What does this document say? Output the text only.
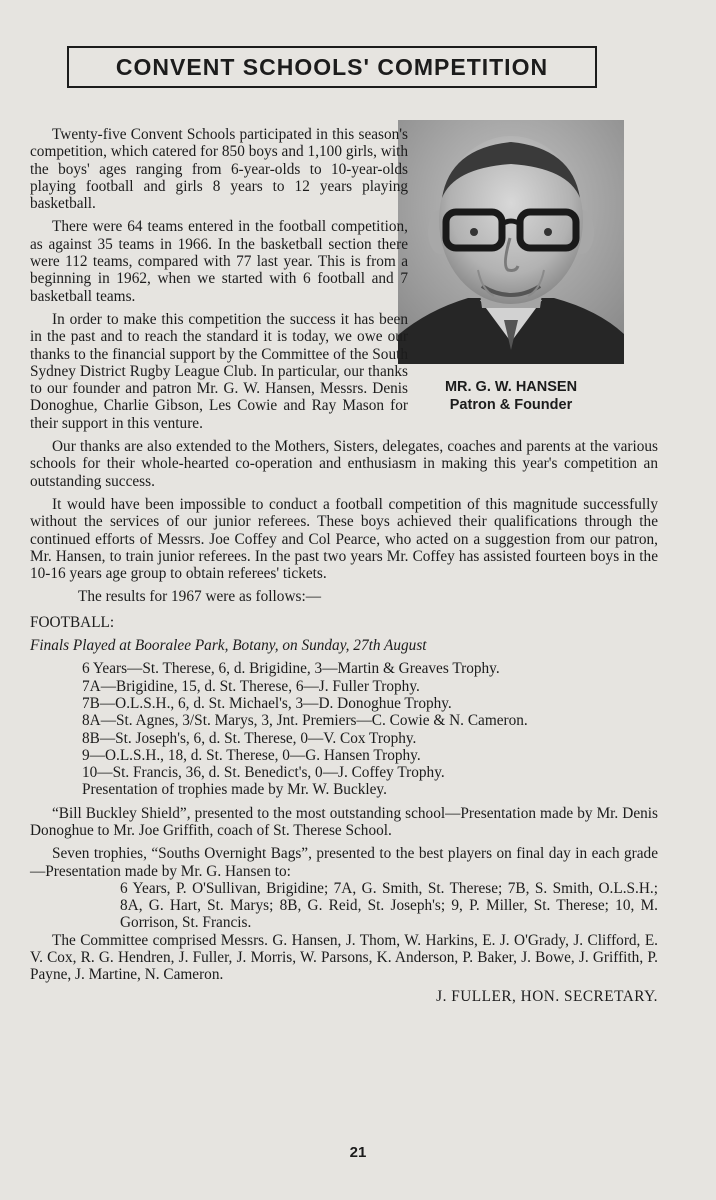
CONVENT SCHOOLS' COMPETITION
MR. G. W. HANSEN
Patron & Founder

Twenty-five Convent Schools participated in this season's competition, which catered for 850 boys and 1,100 girls, with the boys' ages ranging from 6-year-olds to 10-year-olds playing football and girls 8 years to 12 years playing basketball.

There were 64 teams entered in the football competition, as against 35 teams in 1966. In the basketball section there were 112 teams, compared with 77 last year. This is from a beginning in 1962, when we started with 6 football and 7 basketball teams.

In order to make this competition the success it has been in the past and to reach the standard it is today, we owe our thanks to the financial support by the Committee of the South Sydney District Rugby League Club. In particular, our thanks to our founder and patron Mr. G. W. Hansen, Messrs. Denis Donoghue, Charlie Gibson, Les Cowie and Ray Mason for their support in this venture.

Our thanks are also extended to the Mothers, Sisters, delegates, coaches and parents at the various schools for their whole-hearted co-operation and enthusiasm in making this year's competition an outstanding success.

It would have been impossible to conduct a football competition of this magnitude successfully without the services of our junior referees. These boys achieved their qualifications through the continued efforts of Messrs. Joe Coffey and Col Pearce, who acted on a suggestion from our patron, Mr. Hansen, to train junior referees. In the past two years Mr. Coffey has assisted fourteen boys in the 10-16 years age group to obtain referees' tickets.

The results for 1967 were as follows:—

FOOTBALL:

Finals Played at Booralee Park, Botany, on Sunday, 27th August

6 Years—St. Therese, 6, d. Brigidine, 3—Martin & Greaves Trophy.
7A—Brigidine, 15, d. St. Therese, 6—J. Fuller Trophy.
7B—O.L.S.H., 6, d. St. Michael's, 3—D. Donoghue Trophy.
8A—St. Agnes, 3/St. Marys, 3, Jnt. Premiers—C. Cowie & N. Cameron.
8B—St. Joseph's, 6, d. St. Therese, 0—V. Cox Trophy.
9—O.L.S.H., 18, d. St. Therese, 0—G. Hansen Trophy.
10—St. Francis, 36, d. St. Benedict's, 0—J. Coffey Trophy.
Presentation of trophies made by Mr. W. Buckley.

“Bill Buckley Shield”, presented to the most outstanding school—Presentation made by Mr. Denis Donoghue to Mr. Joe Griffith, coach of St. Therese School.

Seven trophies, “Souths Overnight Bags”, presented to the best players on final day in each grade—Presentation made by Mr. G. Hansen to:

6 Years, P. O'Sullivan, Brigidine; 7A, G. Smith, St. Therese; 7B, S. Smith, O.L.S.H.; 8A, G. Hart, St. Marys; 8B, G. Reid, St. Joseph's; 9, P. Miller, St. Therese; 10, M. Gorrison, St. Francis.

The Committee comprised Messrs. G. Hansen, J. Thom, W. Harkins, E. J. O'Grady, J. Clifford, E. V. Cox, R. G. Hendren, J. Fuller, J. Morris, W. Parsons, K. Anderson, P. Baker, J. Bowe, J. Griffith, P. Payne, J. Martine, N. Cameron.

J. FULLER, HON. SECRETARY.

21
